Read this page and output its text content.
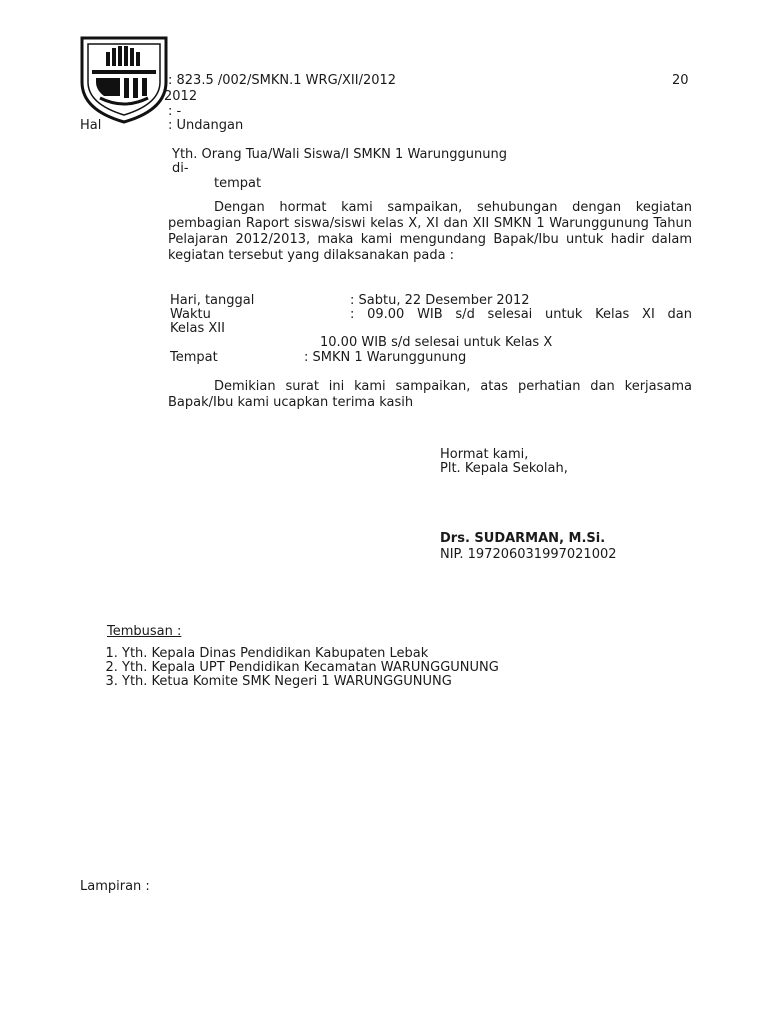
: 823.5 /002/SMKN.1 WRG/XII/2012	20
2012
: -
Hal	: Undangan
Yth. Orang Tua/Wali Siswa/I SMKN 1 Warunggunung
di-
tempat
Dengan hormat kami sampaikan, sehubungan dengan kegiatan pembagian Raport siswa/siswi kelas X, XI dan XII SMKN 1 Warunggunung Tahun Pelajaran 2012/2013, maka kami mengundang Bapak/Ibu untuk hadir dalam kegiatan tersebut yang dilaksanakan pada :
Hari, tanggal	: Sabtu, 22 Desember 2012
Waktu	: 09.00 WIB s/d selesai untuk Kelas XI dan
Kelas XII
10.00 WIB s/d selesai untuk Kelas X
Tempat	: SMKN 1 Warunggunung
Demikian surat ini kami sampaikan, atas perhatian dan kerjasama Bapak/Ibu kami ucapkan terima kasih
Hormat kami,
Plt. Kepala Sekolah,
Drs. SUDARMAN, M.Si.
NIP. 197206031997021002
Tembusan :
1. Yth. Kepala Dinas Pendidikan Kabupaten Lebak
2. Yth. Kepala UPT Pendidikan Kecamatan WARUNGGUNUNG
3. Yth. Ketua Komite SMK Negeri 1 WARUNGGUNUNG
Lampiran :
